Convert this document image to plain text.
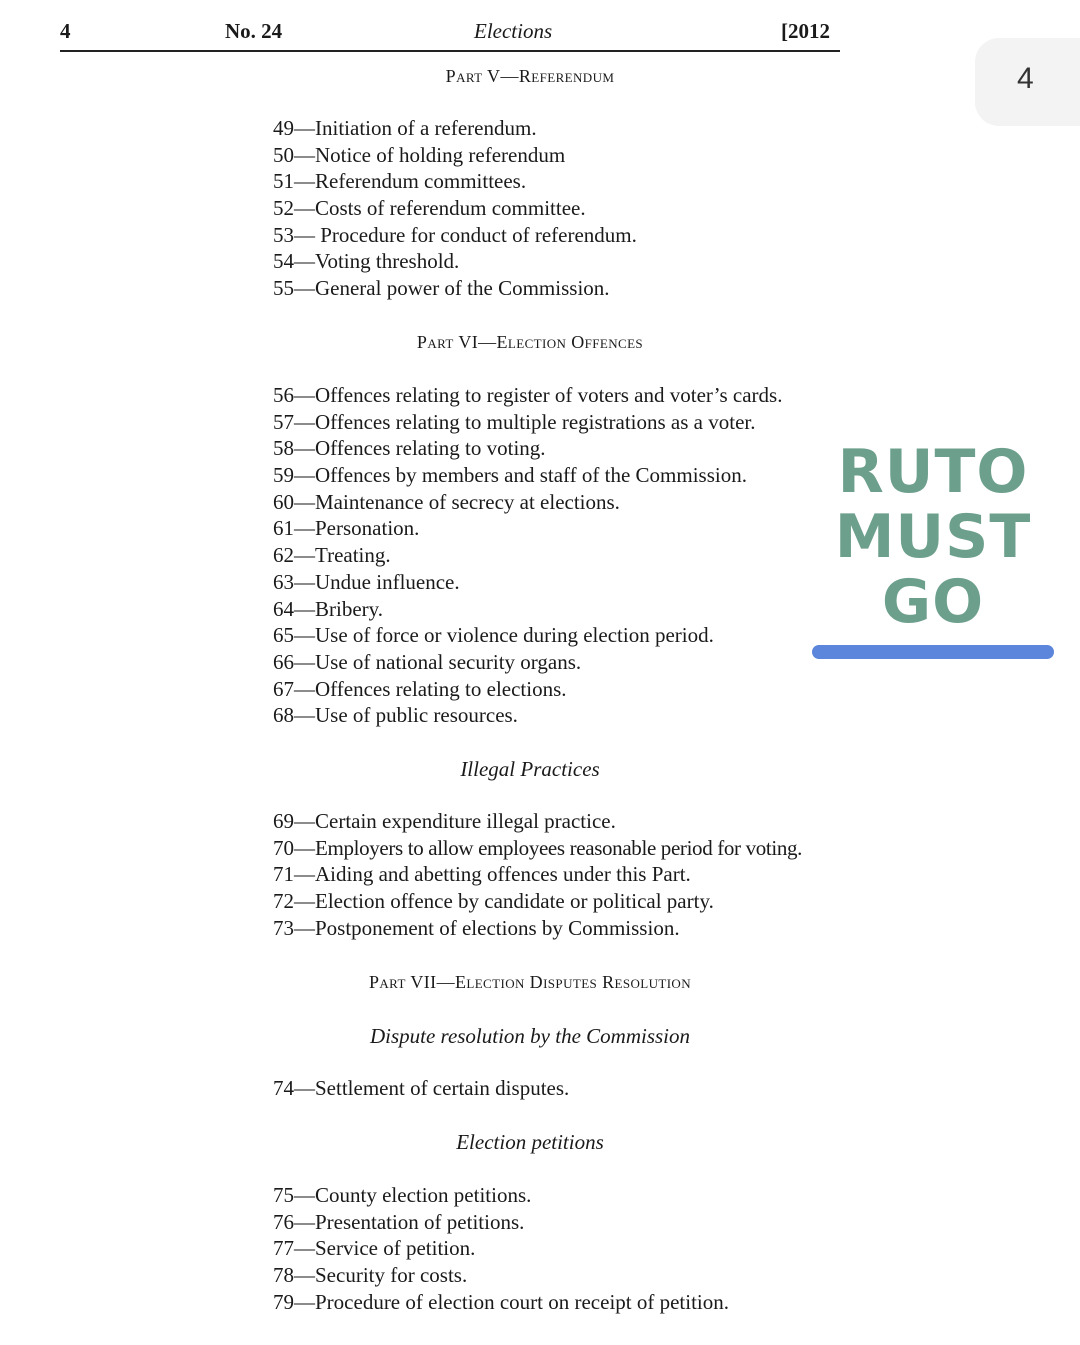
4	No. 24	Elections	[2012
4
Part V—Referendum
49—Initiation of a referendum.
50—Notice of holding referendum
51—Referendum committees.
52—Costs of referendum committee.
53— Procedure for conduct of referendum.
54—Voting threshold.
55—General power of the Commission.
Part VI—Election Offences
56—Offences relating to register of voters and voter’s cards.
57—Offences relating to multiple registrations as a voter.
58—Offences relating to voting.
59—Offences by members and staff of the Commission.
60—Maintenance of secrecy at elections.
61—Personation.
62—Treating.
63—Undue influence.
64—Bribery.
65—Use of force or violence during election period.
66—Use of national security organs.
67—Offences relating to elections.
68—Use of public resources.
Illegal Practices
69—Certain expenditure illegal practice.
70—Employers to allow employees reasonable period for voting.
71—Aiding and abetting offences under this Part.
72—Election offence by candidate or political party.
73—Postponement of elections by Commission.
Part VII—Election Disputes Resolution
Dispute resolution by the Commission
74—Settlement of certain disputes.
Election petitions
75—County election petitions.
76—Presentation of petitions.
77—Service of petition.
78—Security for costs.
79—Procedure of election court on receipt of petition.
RUTO
MUST
GO
